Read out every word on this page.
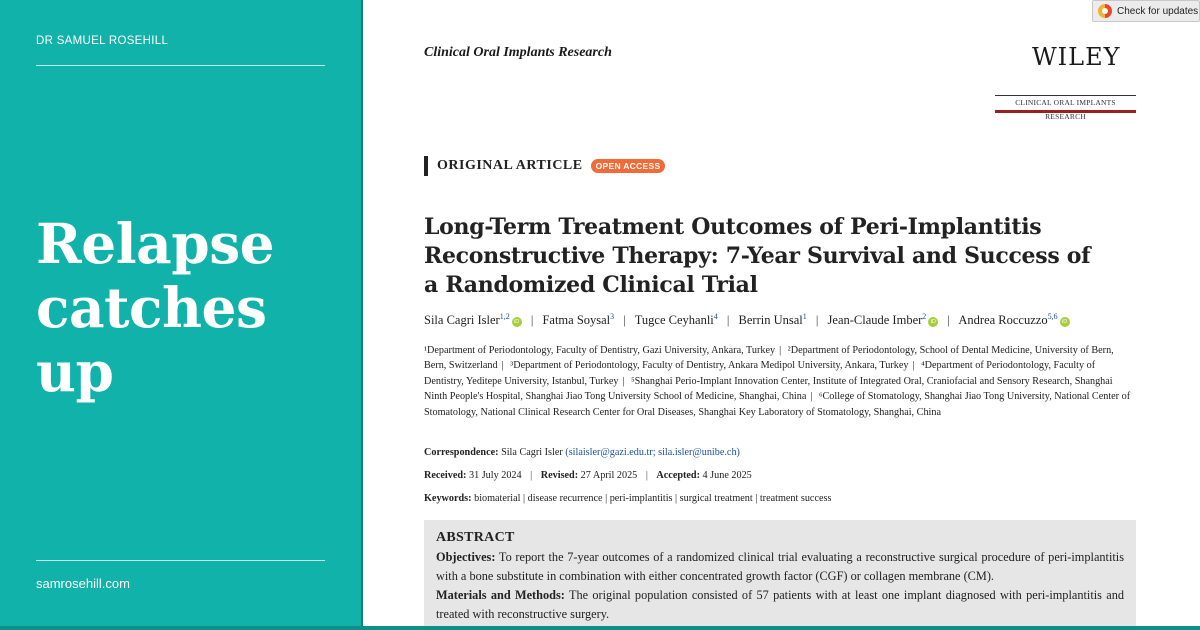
DR SAMUEL ROSEHILL
Relapse
catches
up
samrosehill.com
Check for updates
Clinical Oral Implants Research	WILEY
CLINICAL ORAL IMPLANTS RESEARCH
ORIGINAL ARTICLE	OPEN ACCESS
Long-Term Treatment Outcomes of Peri-Implantitis
Reconstructive Therapy: 7-Year Survival and Success of
a Randomized Clinical Trial
Sila Cagri Isler$^{1,2}$iD | Fatma Soysal$^3$ | Tugce Ceyhanli$^4$ | Berrin Unsal$^1$ | Jean-Claude Imber$^2$iD | Andrea Roccuzzo$^{5,6}$iD

¹Department of Periodontology, Faculty of Dentistry, Gazi University, Ankara, Turkey | ²Department of Periodontology, School of Dental Medicine, University of Bern, Bern, Switzerland | ³Department of Periodontology, Faculty of Dentistry, Ankara Medipol University, Ankara, Turkey | ⁴Department of Periodontology, Faculty of Dentistry, Yeditepe University, Istanbul, Turkey | ⁵Shanghai Perio-Implant Innovation Center, Institute of Integrated Oral, Craniofacial and Sensory Research, Shanghai Ninth People's Hospital, Shanghai Jiao Tong University School of Medicine, Shanghai, China | ⁶College of Stomatology, Shanghai Jiao Tong University, National Center of Stomatology, National Clinical Research Center for Oral Diseases, Shanghai Key Laboratory of Stomatology, Shanghai, China

Correspondence: Sila Cagri Isler (silaisler@gazi.edu.tr; sila.isler@unibe.ch)
Received: 31 July 2024 | Revised: 27 April 2025 | Accepted: 4 June 2025
Keywords: biomaterial | disease recurrence | peri-implantitis | surgical treatment | treatment success
ABSTRACT

Objectives: To report the 7-year outcomes of a randomized clinical trial evaluating a reconstructive surgical procedure of peri-implantitis with a bone substitute in combination with either concentrated growth factor (CGF) or collagen membrane (CM).

Materials and Methods: The original population consisted of 57 patients with at least one implant diagnosed with peri-implantitis and treated with reconstructive surgery.
